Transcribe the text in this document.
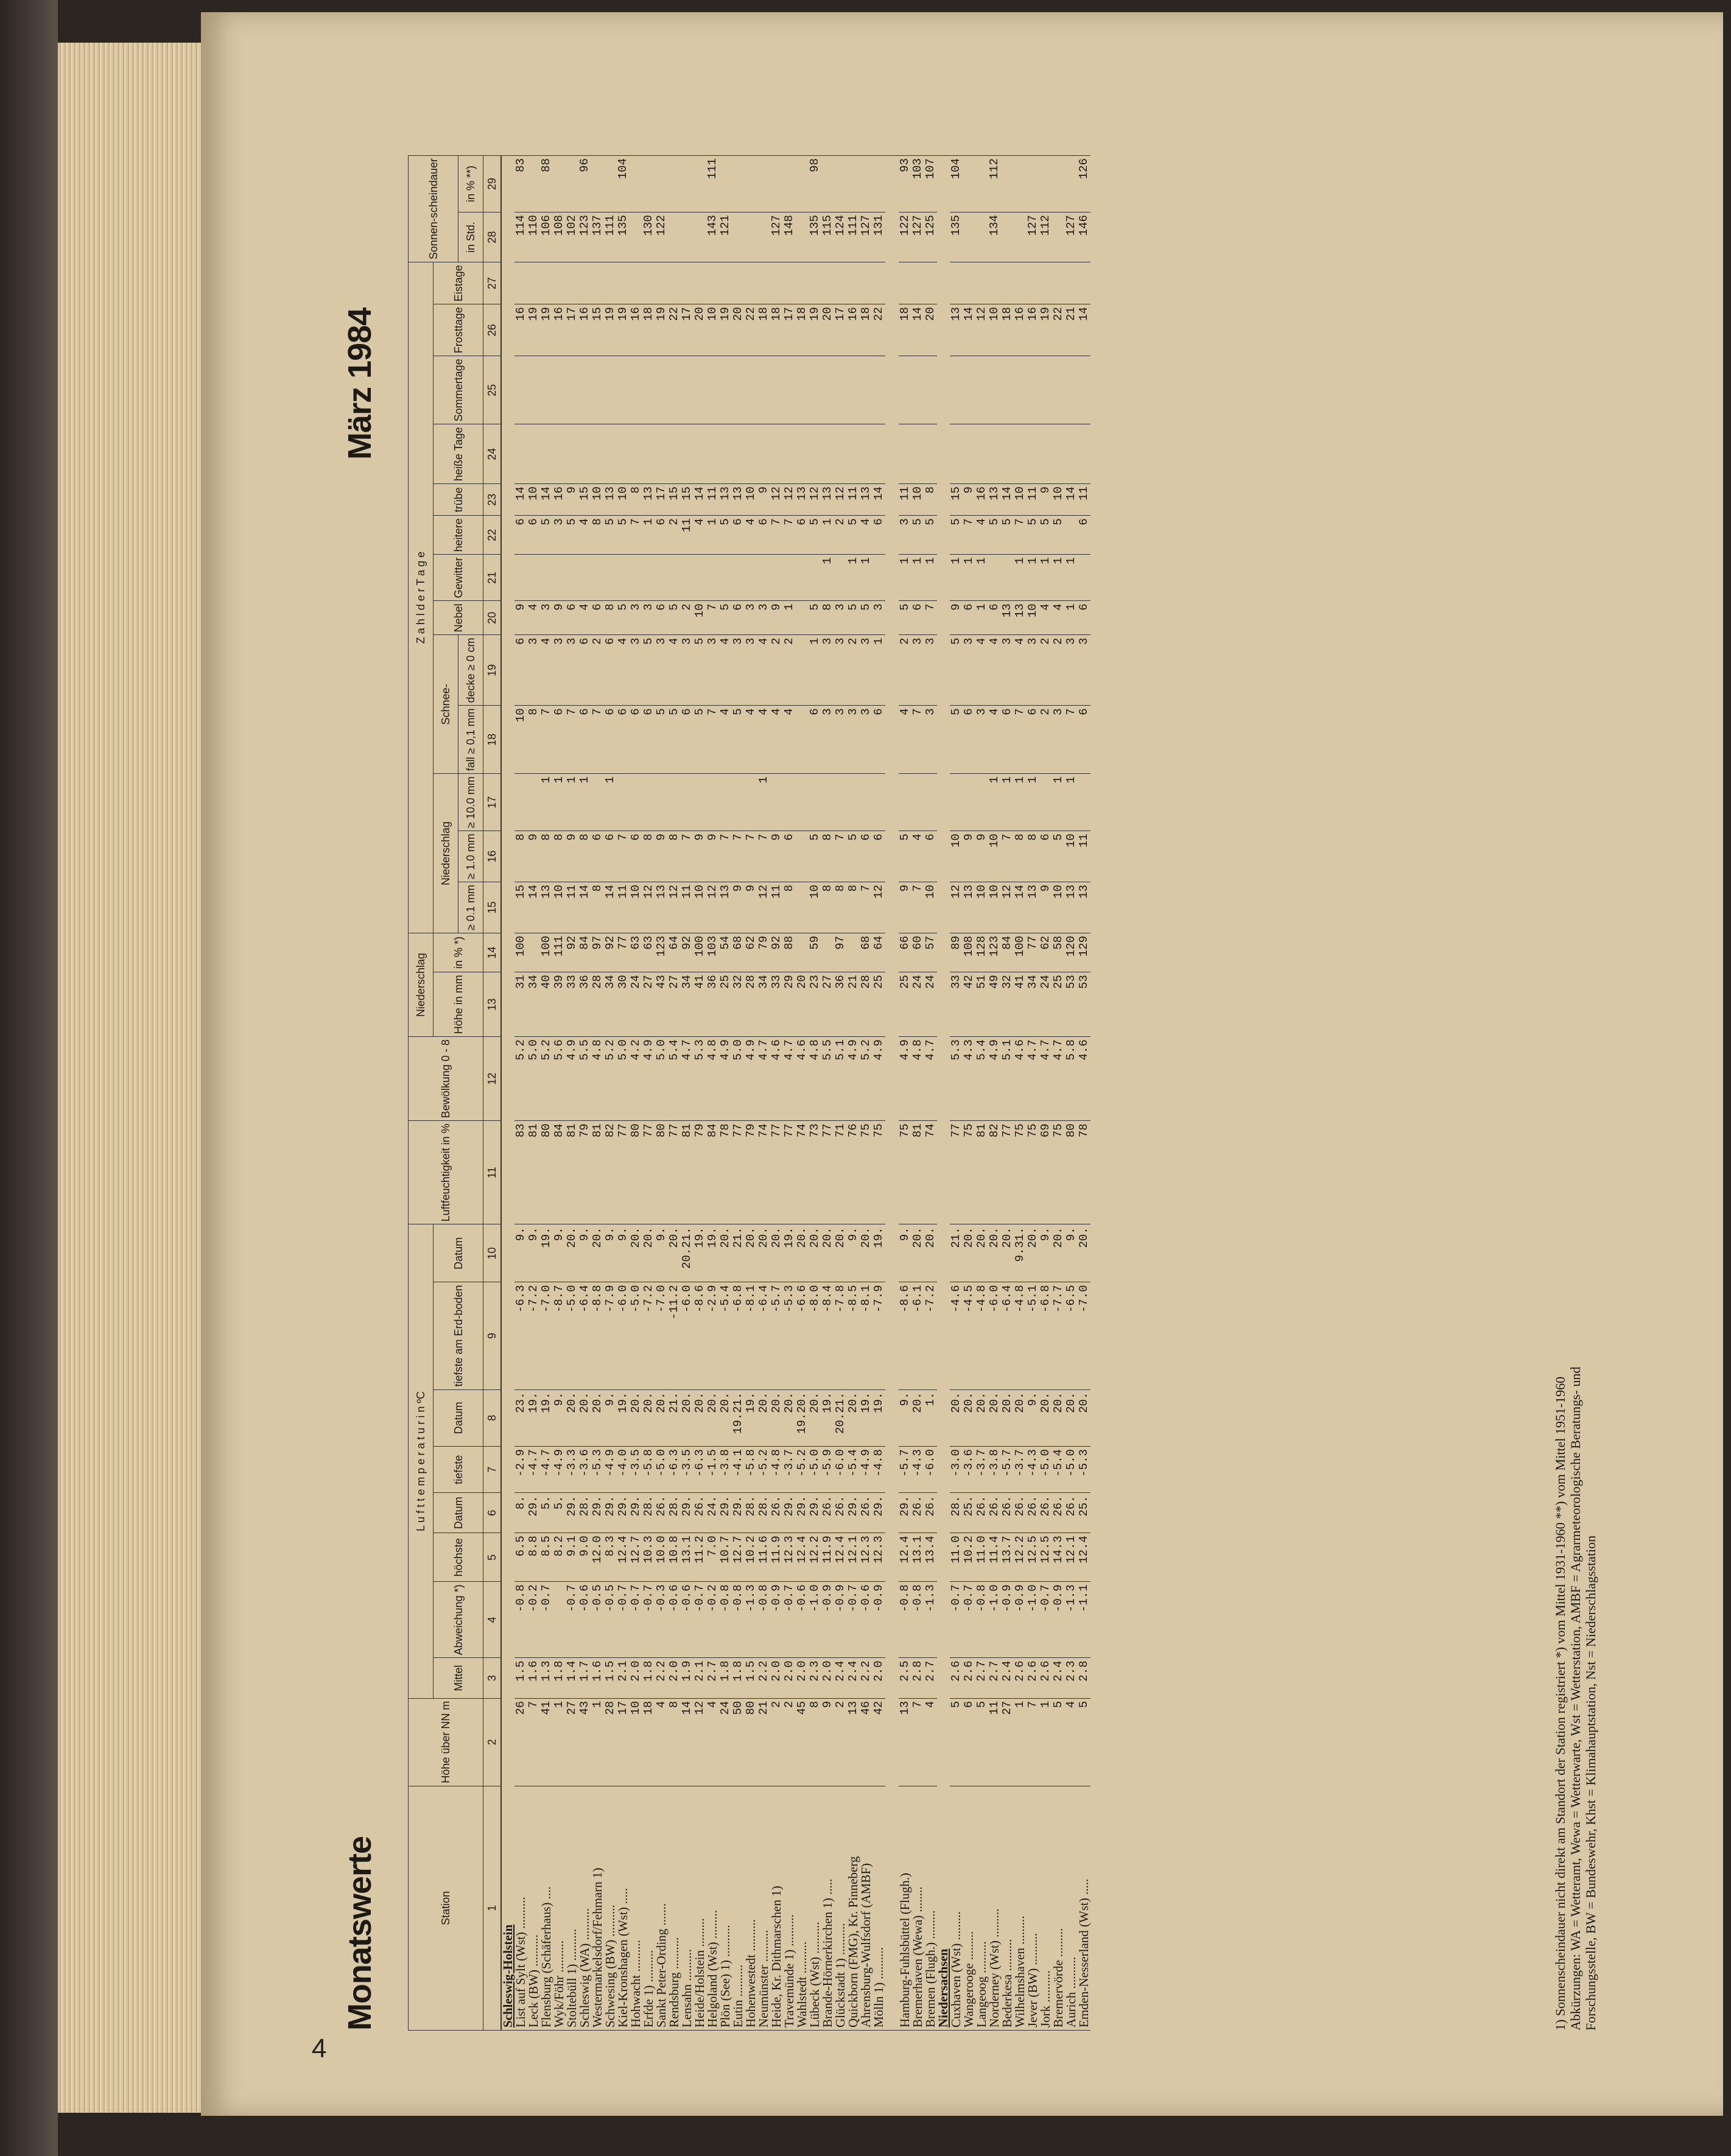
4
Monatswerte
März 1984
Station	Höhe über NN m	L u f t t e m p e r a t u r i n ºC								Luftfeuchtigkeit in %	Bewölkung 0 - 8	Niederschlag		Z a h l d e r T a g e													Sonnen-scheindauer	
		Mittel	Abweichung *)	höchste	Datum	tiefste	Datum	tiefste am Erd-boden	Datum			Höhe in mm	in % *)	Niederschlag			Schnee-		Nebel	Gewitter	heitere	trübe	heiße Tage	Sommertage	Frosttage	Eistage		
														≥ 0.1 mm	≥ 1.0 mm	≥ 10.0 mm	fall ≥ 0,1 mm	decke ≥ 0 cm									in Std.	in % **)
1	2	3	4	5	6	7	8	9	10	11	12	13	14	15	16	17	18	19	20	21	22	23	24	25	26	27	28	29
Schleswig-Holstein																												
List auf Sylt (Wst) ..........	26	1.5	-0.8	6.5	8.	-2.9	23.	-6.3	9.	83	5.2	31	100	15	8		10	6	9		6	14			16		114	83
Leck (BW) ..........	7	1.6	-0.2	8.8	29.	-4.7	19.	-7.2	9.	81	5.0	34		14	9		8	3	4		6	10			19		110	
Flensburg (Schäferhaus) ....	41	1.3	-0.7	8.5	5.	-4.7	19.	-7.0	19.	80	5.2	40	100	13	8	1	7	4	3		5	14			19		106	88
Wyk/Föhr ..........	1	1.8		8.2	5.	-4.9	9.	-8.7	9.	84	5.6	39	111	10	8	1	6	3	9		3	16			16		108	
Stoltebüll 1) ..........	27	1.4	-0.7	9.1	29.	-3.3	20.	-5.0	20.	81	4.9	33	92	11	9	1	7	3	6		5	9			17		102	
Schleswig (WA) ..........	43	1.7	-0.6	9.0	28.	-3.6	20.	-6.4	9.	79	5.5	36	84	14	8	1	6	6	4		4	15			16		123	96
Westermarkelsdorf/Fehmarn 1)	1	1.6	-0.5	12.0	29.	-5.3	20.	-8.8	20.	81	4.8	28	97	8	6		7	2	6		8	10			15		137	
Schwesing (BW) ..........	28	1.5	-0.5	8.3	29.	-4.9	9.	-7.9	9.	82	5.2	34	92	14	6	1	6	6	8		5	13			19		111	
Kiel-Kronshagen (Wst) .....	17	2.1	-0.7	12.4	29.	-4.0	19.	-6.0	9.	77	5.0	30	77	11	7		6	4	5		5	10			19		135	104
Hohwacht ..........	10	2.0	-0.7	12.7	29.	-3.5	20.	-5.0	20.	80	4.2	24	63	10	6		6	3	3		7	8			16			
Erfde 1) ..........	18	1.8	-0.7	10.3	28.	-5.8	20.	-7.2	20.	77	4.9	27	63	12	8		6	5	3		1	13			18		130	
Sankt Peter-Ording .......	4	2.2	-0.3	10.0	26.	-5.0	20.	-7.0	9.	80	5.0	43	123	13	9		5	3	6		6	17			19		122	
Rendsburg ..........	8	2.0	-0.6	10.8	28.	-6.3	21.	-11.2	20.	77	5.4	27	64	12	8		5	4	5		2	15			22			
Lensahn ..........	14	1.9	-0.6	13.1	29.	-3.5	20.	-6.0	20.21.	81	4.7	34	92	11	7		6	3	2		11	15			17			
Heide/Holstein .........	12	2.1	-0.7	11.2	26.	-6.3	20.	-8.6	19.	79	5.3	41	100	10	9		5	5	10		4	14			20			
Helgoland (Wst) .........	4	2.7	-0.2	7.0	24.	-1.5	20.	-2.9	19.	84	4.8	36	103	12	9		7	3	7		1	11			10		143	111
Plön (See) 1) ..........	24	1.8	-0.8	10.7	29.	-3.8	20.	-5.4	20.	78	4.9	25	54	13	7		4	4	5		5	13			19		121	
Eutin ..........	50	1.8	-0.8	12.7	29.	-4.1	19.21.	-6.8	21.	77	5.0	32	68	9	7		5	3	6		6	13			20			
Hohenwestedt ..........	80	1.5	-1.3	10.2	28.	-5.8	19.	-8.1	20.	79	4.9	28	62	9	7		4	3	3		4	10			22			
Neumünster ..........	21	2.2	-0.8	11.6	28.	-5.2	20.	-6.4	20.	74	4.7	34	79	12	7	1	4	4	3		6	9			18			
Heide, Kr. Dithmarschen 1)	2	2.0	-0.9	11.9	26.	-4.8	20.	-5.7	20.	77	4.6	33	92	11	9		4	2	9		7	12			18		127	
Travemünde 1) ..........	2	2.0	-0.7	12.3	29.	-3.7	20.	-5.3	19.	77	4.7	29	88	8	6		4	2	1		7	12			17		148	
Wahlstedt ..........	45	2.0	-0.6	12.4	29.	-5.2	19.20.	-6.6	20.	74	4.6	20									6	13			18			
Lübeck (Wst) ..........	8	2.3	-1.0	12.2	29.	-5.0	20.	-8.0	20.	73	4.8	23	59	10	5		6	1	5		5	12			19		135	98
Brande-Hörnerkirchen 1) .....	9	2.0	-0.9	11.9	26.	-5.9	19.	-8.4	20.	77	5.5	27		8	8		3	3	8	1	1	13			20		115	
Glückstadt 1) ..........	2	2.4	-0.9	12.4	26.	-6.0	20.21.	-7.8	20.	71	5.1	36	97	8	7		3	3	3		2	12			17		124	
Quickborn (FMG), Kr. Pinneberg	13	2.4	-0.7	12.1	29.	-5.4	20.	-8.5	9.	76	4.9	21		8	5		3	2	5	1	5	11			16		111	
Ahrensburg-Wulfsdorf (AMBF)	46	2.2	-0.6	12.3	26.	-4.9	19.	-8.1	20.	75	5.2	28	68	7	6		3	3	5	1	4	13			18		127	
Mölln 1) ..........	42	2.0	-0.9	12.3	29.	-4.8	19.	-7.9	19.	75	4.9	25	64	12	6		6	1	3		6	14			22		131	

Hamburg-Fuhlsbüttel (Flugh.)	13	2.5	-0.8	12.4	29.	-5.7	9.	-8.6	9.	75	4.9	25	66	9	5		4	2	5	1	3	11			18		122	93
Bremerhaven (Wewa) ........	7	2.8	-0.8	13.1	26.	-4.3	20.	-6.1	20.	81	4.8	24	60	7	4		7	3	6	1	5	10			14		127	103
Bremen (Flugh.) .........	4	2.7	-1.3	13.4	26.	-6.0	1.	-7.2	20.	74	4.7	24	57	10	6		3	3	7	1	5	8			20		125	107
Niedersachsen																												
Cuxhaven (Wst) .........	5	2.6	-0.7	11.0	28.	-3.0	20.	-4.6	21.	77	5.3	33	89	12	10		5	5	9	1	5	15			13		135	104
Wangerooge .........	6	2.6	-0.7	10.2	25.	-3.6	20.	-4.5	20.	75	4.3	42	108	13	9		6	3	6	1	7	9			14			
Langeoog ..........	5	2.7	-0.8	11.0	26.	-3.7	20.	-4.8	20.	81	5.4	51	128	10	9		3	4	1	1	4	16			12			
Norderney (Wst) .........	11	2.7	-1.0	11.4	26.	-3.8	20.	-6.0	20.	82	4.9	49	123	10	10	1	4	4	6		5	13			10		134	112
Bederkesa ..........	27	2.4	-0.9	13.7	26.	-5.7	20.	-6.4	20.	77	5.1	32	84	12	7	1	6	3	13		5	14			18			
Wilhelmshaven .........	1	2.6	-0.9	12.2	26.	-3.7	20.	-4.8	9.31.	75	4.6	41	100	14	8	1	7	4	13	1	7	10			16			
Jever (BW) ..........	7	2.6	-1.0	12.5	26.	-4.3	9.	-5.1	20.	75	4.7	34	77	13	8	1	6	3	10	1	5	11			16		127	
Jork ..........	1	2.6	-0.7	12.5	26.	-5.0	20.	-6.8	9.	69	4.7	24	62	9	6		2	2	4	1	5	9			19		112	
Bremervörde .........	5	2.4	-0.9	14.3	26.	-5.4	20.	-7.7	20.	75	4.7	25	58	10	5	1	3	2	4	1	5	10			22			
Aurich ..........	4	2.3	-1.3	12.1	26.	-5.0	20.	-6.5	9.	80	5.8	53	120	13	10	1	7	3	1	1		14			21		127	
Emden-Nesserland (Wst) .....	5	2.8	-1.1	12.4	25.	-5.3	20.	-7.0	20.	78	4.6	53	129	13	11		6	3	6		6	11			14		146	126
1) Sonnenscheindauer nicht direkt am Standort der Station registriert *) vom Mittel 1931-1960 **) vom Mittel 1951-1960 Abkürzungen: WA = Wetteramt, Wewa = Wetterwarte, Wst = Wetterstation, AMBF = Agrarmeteorologische Beratungs- und Forschungsstelle, BW = Bundeswehr, Khst = Klimahauptstation, Nst = Niederschlagsstation
